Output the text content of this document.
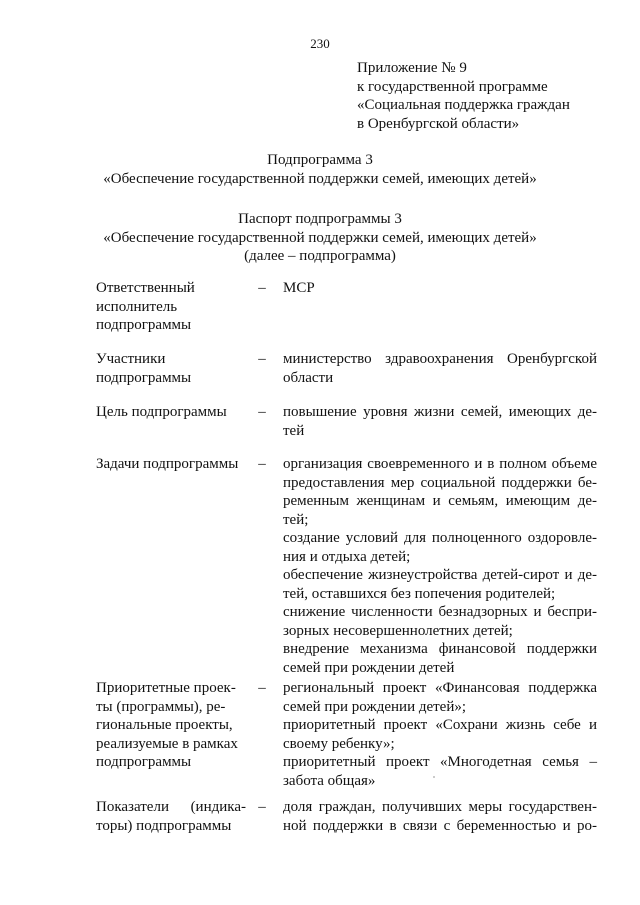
230
Приложение № 9
к государственной программе
«Социальная поддержка граждан
в Оренбургской области»
Подпрограмма 3
«Обеспечение государственной поддержки семей, имеющих детей»
Паспорт подпрограммы 3
«Обеспечение государственной поддержки семей, имеющих детей»
(далее – подпрограмма)
Ответственный
исполнитель
подпрограммы
– МСР
Участники
подпрограммы
– министерство здравоохранения Оренбургской
области
Цель подпрограммы	– повышение уровня жизни семей, имеющих де-
тей
Задачи подпрограммы	– организация своевременного и в полном объеме
предоставления мер социальной поддержки бе-
ременным женщинам и семьям, имеющим де-
тей;
создание условий для полноценного оздоровле-
ния и отдыха детей;
обеспечение жизнеустройства детей-сирот и де-
тей, оставшихся без попечения родителей;
снижение численности безнадзорных и беспри-
зорных несовершеннолетних детей;
внедрение механизма финансовой поддержки
семей при рождении детей
Приоритетные проек-
ты (программы), ре-
гиональные проекты,
реализуемые в рамках
подпрограммы
– региональный проект «Финансовая поддержка
семей при рождении детей»;
приоритетный проект «Сохрани жизнь себе и
своему ребенку»;
приоритетный проект «Многодетная семья –
забота общая»
Показатели (индика-
торы) подпрограммы
– доля граждан, получивших меры государствен-
ной поддержки в связи с беременностью и ро-
